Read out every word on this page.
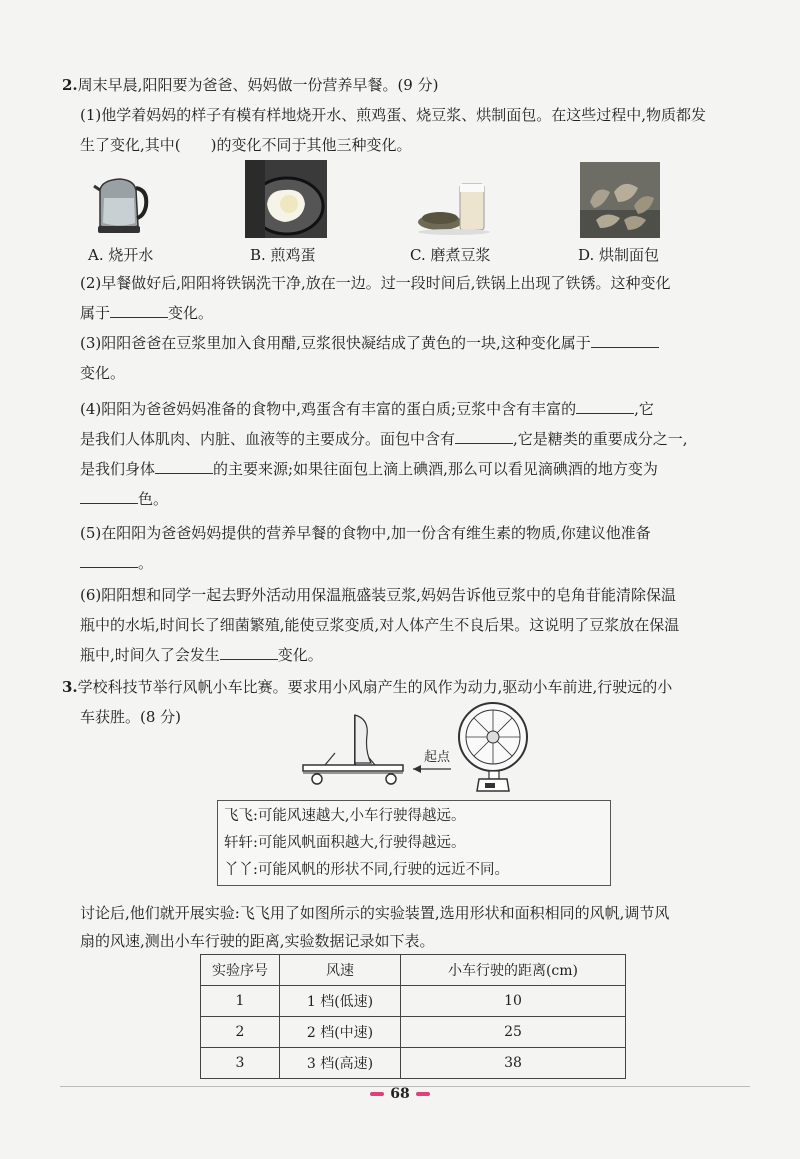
2.周末早晨,阳阳要为爸爸、妈妈做一份营养早餐。(9 分)
(1)他学着妈妈的样子有模有样地烧开水、煎鸡蛋、烧豆浆、烘制面包。在这些过程中,物质都发
生了变化,其中( )的变化不同于其他三种变化。
A. 烧开水	B. 煎鸡蛋	C. 磨煮豆浆	D. 烘制面包
(2)早餐做好后,阳阳将铁锅洗干净,放在一边。过一段时间后,铁锅上出现了铁锈。这种变化
属于	变化。
(3)阳阳爸爸在豆浆里加入食用醋,豆浆很快凝结成了黄色的一块,这种变化属于
变化。
(4)阳阳为爸爸妈妈准备的食物中,鸡蛋含有丰富的蛋白质;豆浆中含有丰富的	,它
是我们人体肌肉、内脏、血液等的主要成分。面包中含有	,它是糖类的重要成分之一,
是我们身体	的主要来源;如果往面包上滴上碘酒,那么可以看见滴碘酒的地方变为
色。
(5)在阳阳为爸爸妈妈提供的营养早餐的食物中,加一份含有维生素的物质,你建议他准备
。
(6)阳阳想和同学一起去野外活动用保温瓶盛装豆浆,妈妈告诉他豆浆中的皂角苷能清除保温
瓶中的水垢,时间长了细菌繁殖,能使豆浆变质,对人体产生不良后果。这说明了豆浆放在保温
瓶中,时间久了会发生	变化。
3.学校科技节举行风帆小车比赛。要求用小风扇产生的风作为动力,驱动小车前进,行驶远的小
车获胜。(8 分)
起点
飞飞:可能风速越大,小车行驶得越远。
轩轩:可能风帆面积越大,行驶得越远。
丫丫:可能风帆的形状不同,行驶的远近不同。
讨论后,他们就开展实验:飞飞用了如图所示的实验装置,选用形状和面积相同的风帆,调节风
扇的风速,测出小车行驶的距离,实验数据记录如下表。
实验序号	风速	小车行驶的距离(cm)
1	1 档(低速)	10
2	2 档(中速)	25
3	3 档(高速)	38
68
